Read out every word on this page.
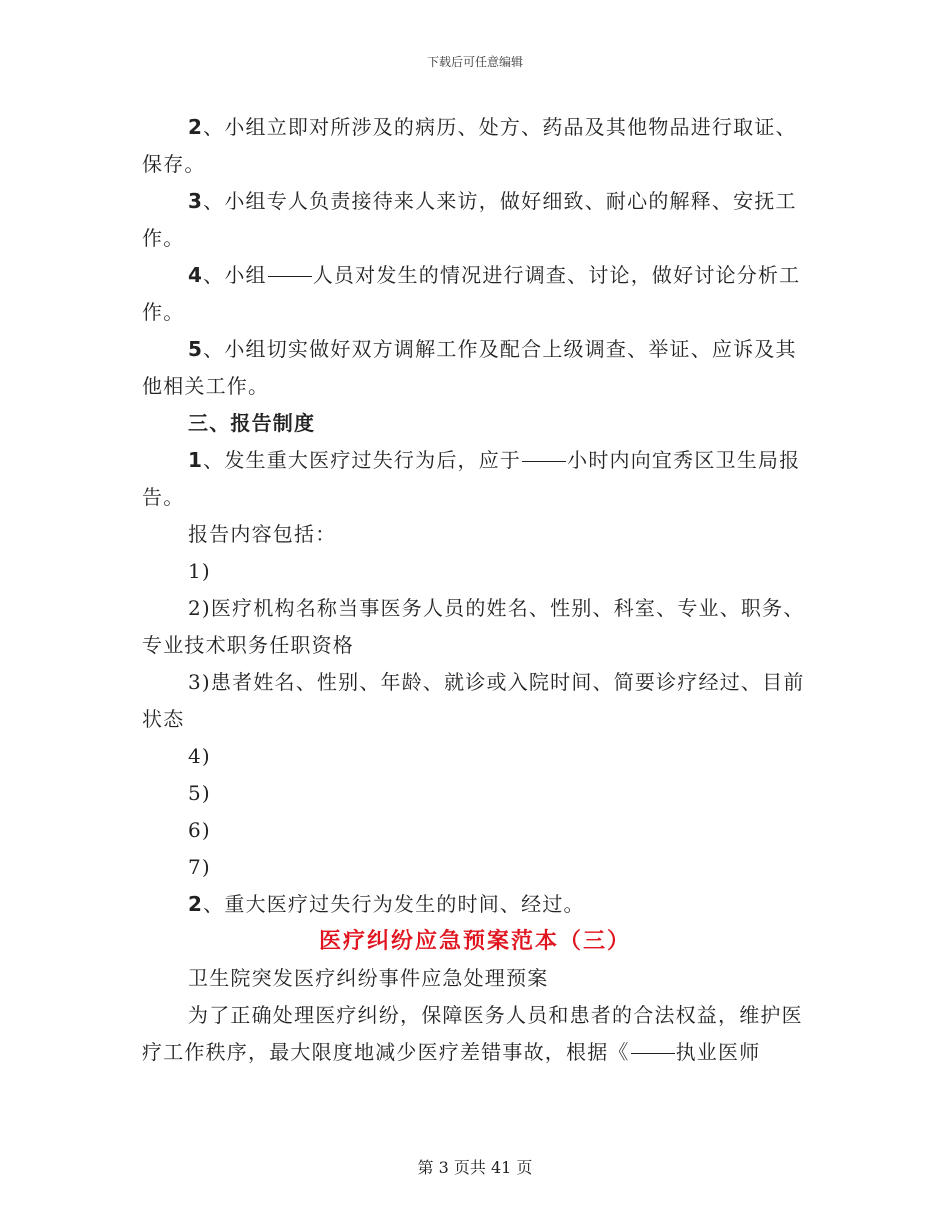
下载后可任意编辑

2、小组立即对所涉及的病历、处方、药品及其他物品进行取证、保存。

3、小组专人负责接待来人来访，做好细致、耐心的解释、安抚工作。

4、小组 人员对发生的情况进行调查、讨论，做好讨论分析工作。

5、小组切实做好双方调解工作及配合上级调查、举证、应诉及其他相关工作。

三、报告制度

1、发生重大医疗过失行为后，应于 小时内向宜秀区卫生局报告。

报告内容包括：

1)

2)医疗机构名称当事医务人员的姓名、性别、科室、专业、职务、专业技术职务任职资格

3)患者姓名、性别、年龄、就诊或入院时间、简要诊疗经过、目前状态

4)

5)

6)

7)

2、重大医疗过失行为发生的时间、经过。

医疗纠纷应急预案范本（三）

卫生院突发医疗纠纷事件应急处理预案

为了正确处理医疗纠纷，保障医务人员和患者的合法权益，维护医疗工作秩序，最大限度地减少医疗差错事故，根据《 执业医师

第 3 页共 41 页
